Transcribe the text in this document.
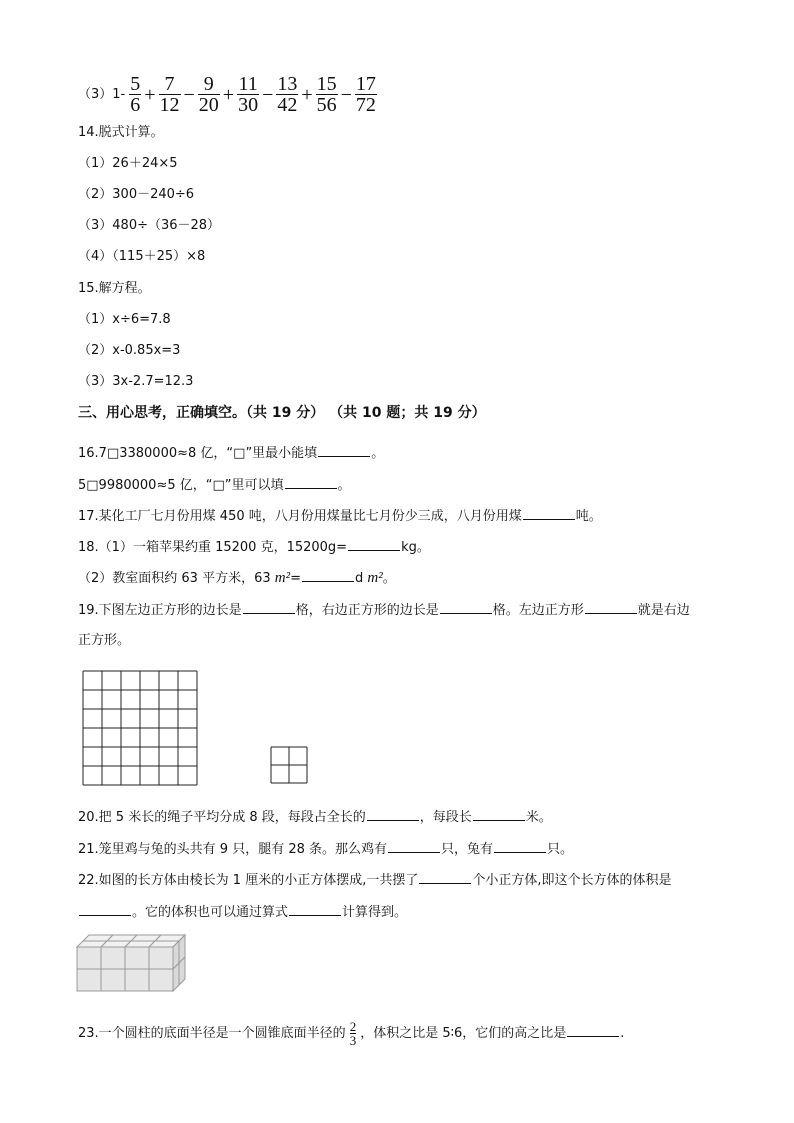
$(3)1- \frac{5}{6} + \frac{7}{12} - \frac{9}{20} + \frac{11}{30} - \frac{13}{42} + \frac{15}{56} - \frac{17}{72}$
14.脱式计算。
（1）26＋24×5
（2）300－240÷6
（3）480÷（36－28）
（4）（115＋25）×8
15.解方程。
（1）x÷6=7.8
（2）x-0.85x=3
（3）3x-2.7=12.3
三、用心思考，正确填空。（共 19 分） （共 10 题；共 19 分）
16.7□3380000≈8 亿，“□”里最小能填	。
5□9980000≈5 亿，“□”里可以填	。
17.某化工厂七月份用煤 450 吨，八月份用煤量比七月份少三成，八月份用煤	吨。
18.（1）一箱苹果约重 15200 克，15200g=	kg。
（2）教室面积约 63 平方米，63 m²=	d m²。
19.下图左边正方形的边长是	格，右边正方形的边长是	格。左边正方形	就是右边
正方形。
20.把 5 米长的绳子平均分成 8 段，每段占全长的	，每段长	米。
21.笼里鸡与兔的头共有 9 只，腿有 28 条。那么鸡有	只，兔有	只。
22.如图的长方体由棱长为 1 厘米的小正方体摆成,一共摆了	个小正方体,即这个长方体的体积是
。它的体积也可以通过算式	计算得到。
23.一个圆柱的底面半径是一个圆锥底面半径的 $\frac{2}{3}$ ，体积之比是 5∶6，它们的高之比是	.
